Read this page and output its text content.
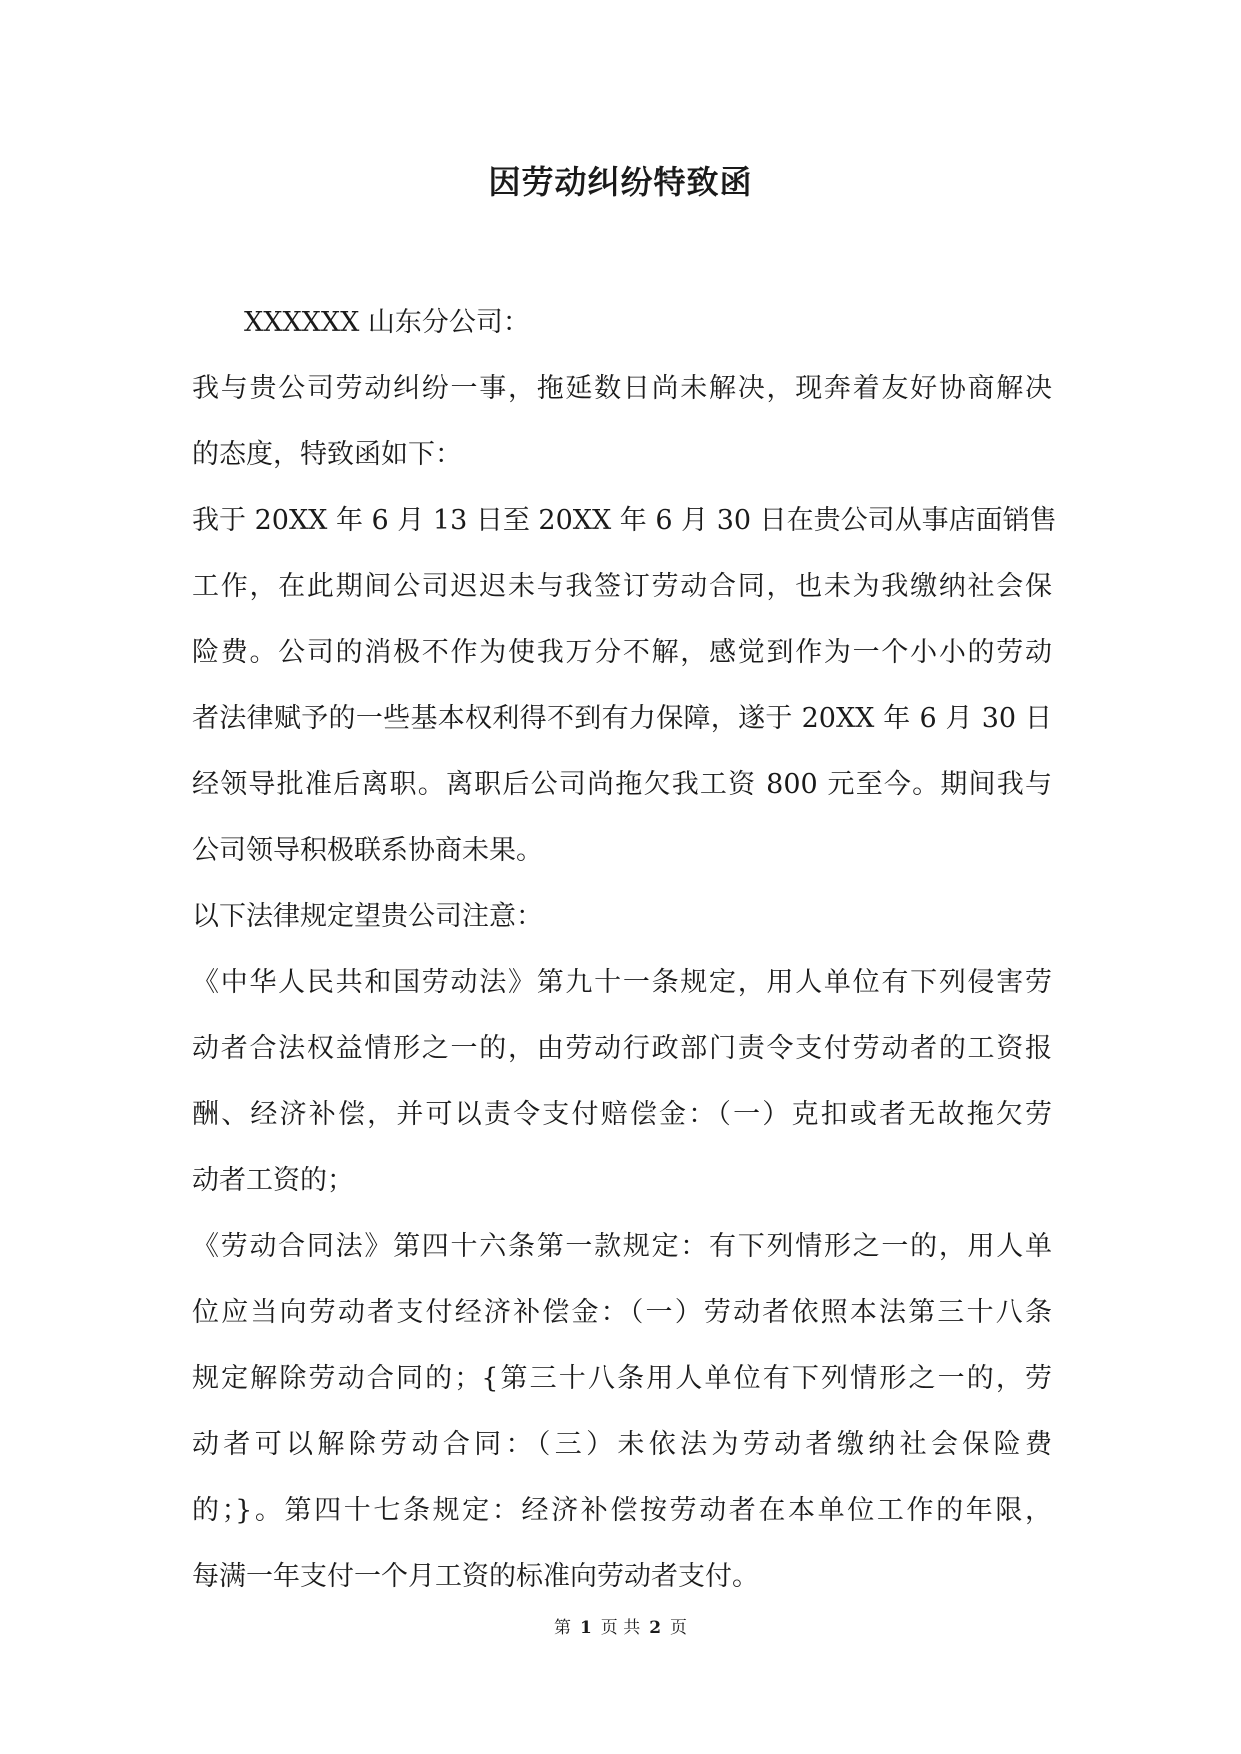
因劳动纠纷特致函
XXXXXX 山东分公司：
我与贵公司劳动纠纷一事，拖延数日尚未解决，现奔着友好协商解决
的态度，特致函如下：
我于 20XX 年 6 月 13 日至 20XX 年 6 月 30 日在贵公司从事店面销售
工作，在此期间公司迟迟未与我签订劳动合同，也未为我缴纳社会保
险费。公司的消极不作为使我万分不解，感觉到作为一个小小的劳动
者法律赋予的一些基本权利得不到有力保障，遂于 20XX 年 6 月 30 日
经领导批准后离职。离职后公司尚拖欠我工资 800 元至今。期间我与
公司领导积极联系协商未果。
以下法律规定望贵公司注意：
《中华人民共和国劳动法》第九十一条规定，用人单位有下列侵害劳
动者合法权益情形之一的，由劳动行政部门责令支付劳动者的工资报
酬、经济补偿，并可以责令支付赔偿金：（一）克扣或者无故拖欠劳
动者工资的；
《劳动合同法》第四十六条第一款规定：有下列情形之一的，用人单
位应当向劳动者支付经济补偿金：（一）劳动者依照本法第三十八条
规定解除劳动合同的；{第三十八条用人单位有下列情形之一的，劳
动者可以解除劳动合同：（三）未依法为劳动者缴纳社会保险费
的；}。第四十七条规定：经济补偿按劳动者在本单位工作的年限，
每满一年支付一个月工资的标准向劳动者支付。
第 1 页 共 2 页
